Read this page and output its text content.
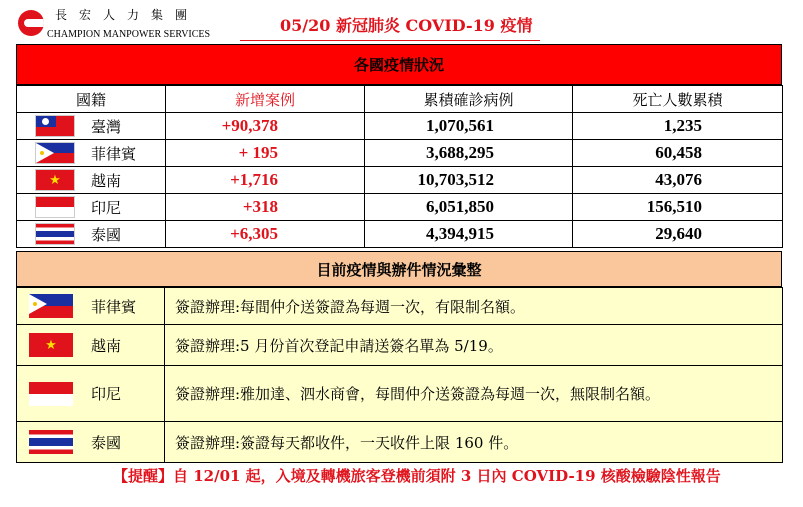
長宏人力集團
CHAMPION MANPOWER SERVICES	05/20 新冠肺炎 COVID-19 疫情
各國疫情狀況
國籍	新增案例	累積確診病例	死亡人數累積

臺灣	+90,378	1,070,561	1,235

菲律賓	+ 195	3,688,295	60,458

★ 越南	+1,716	10,703,512	43,076

印尼	+318	6,051,850	156,510

泰國	+6,305	4,394,915	29,640
目前疫情與辦件情況彙整
菲律賓	簽證辦理:每間仲介送簽證為每週一次，有限制名額。

★ 越南	簽證辦理:5 月份首次登記申請送簽名單為 5/19。

印尼	簽證辦理:雅加達、泗水商會，每間仲介送簽證為每週一次，無限制名額。

泰國	簽證辦理:簽證每天都收件，一天收件上限 160 件。
【提醒】自 12/01 起，入境及轉機旅客登機前須附 3 日內 COVID-19 核酸檢驗陰性報告
